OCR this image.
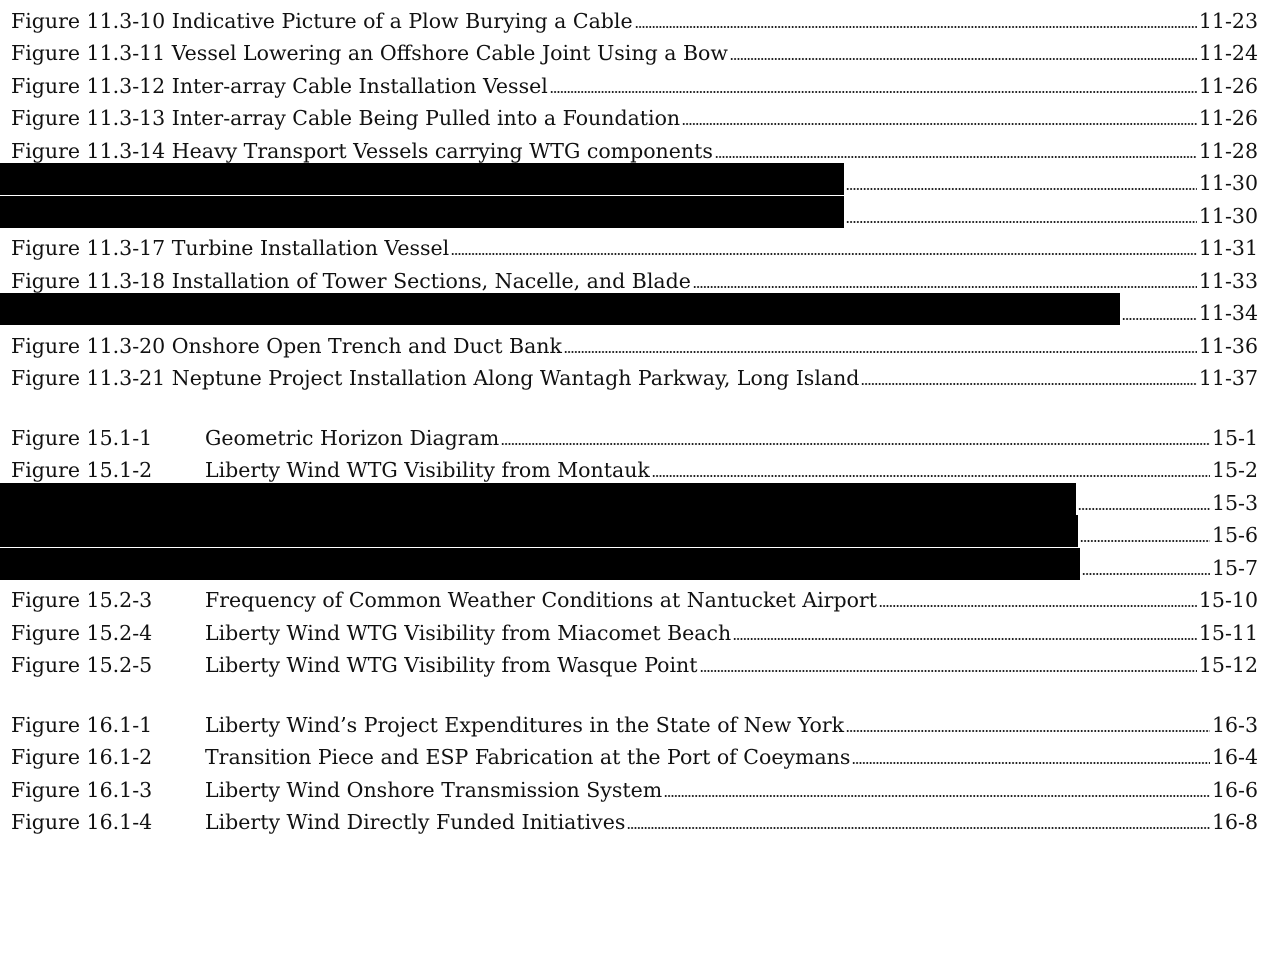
Figure 11.3-10 Indicative Picture of a Plow Burying a Cable	11-23
Figure 11.3-11 Vessel Lowering an Offshore Cable Joint Using a Bow	11-24
Figure 11.3-12 Inter-array Cable Installation Vessel	11-26
Figure 11.3-13 Inter-array Cable Being Pulled into a Foundation	11-26
Figure 11.3-14 Heavy Transport Vessels carrying WTG components	11-28
11-30
11-30
Figure 11.3-17 Turbine Installation Vessel	11-31
Figure 11.3-18 Installation of Tower Sections, Nacelle, and Blade	11-33
11-34
Figure 11.3-20 Onshore Open Trench and Duct Bank	11-36
Figure 11.3-21 Neptune Project Installation Along Wantagh Parkway, Long Island	11-37
Figure 15.1-1	Geometric Horizon Diagram	15-1
Figure 15.1-2	Liberty Wind WTG Visibility from Montauk	15-2
15-3
15-6
15-7
Figure 15.2-3	Frequency of Common Weather Conditions at Nantucket Airport	15-10
Figure 15.2-4	Liberty Wind WTG Visibility from Miacomet Beach	15-11
Figure 15.2-5	Liberty Wind WTG Visibility from Wasque Point	15-12
Figure 16.1-1	Liberty Wind’s Project Expenditures in the State of New York	16-3
Figure 16.1-2	Transition Piece and ESP Fabrication at the Port of Coeymans	16-4
Figure 16.1-3	Liberty Wind Onshore Transmission System	16-6
Figure 16.1-4	Liberty Wind Directly Funded Initiatives	16-8
